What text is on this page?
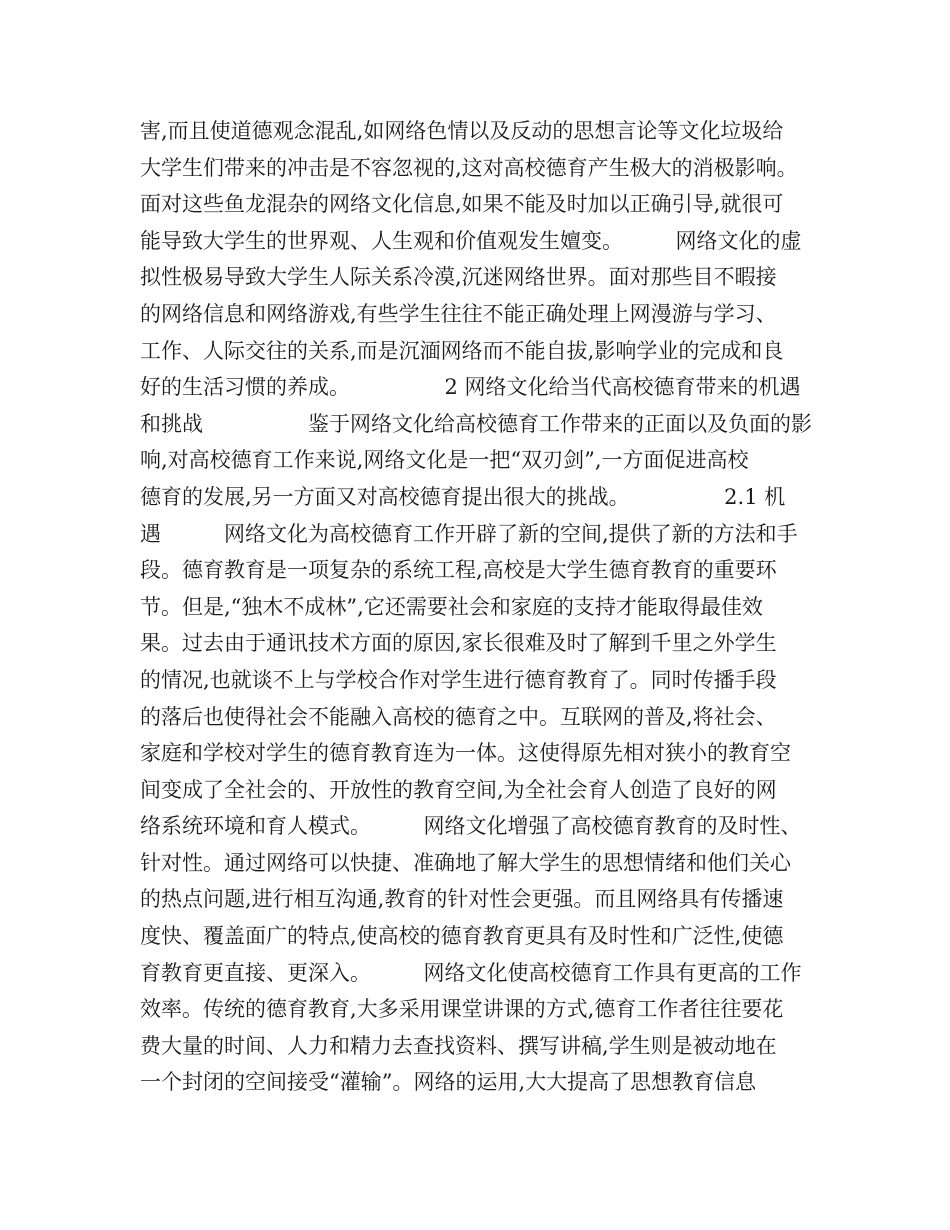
害,而且使道德观念混乱,如网络色情以及反动的思想言论等文化垃圾给
大学生们带来的冲击是不容忽视的,这对高校德育产生极大的消极影响。
面对这些鱼龙混杂的网络文化信息,如果不能及时加以正确引导,就很可
能导致大学生的世界观、人生观和价值观发生嬗变。　　　网络文化的虚
拟性极易导致大学生人际关系冷漠,沉迷网络世界。面对那些目不暇接
的网络信息和网络游戏,有些学生往往不能正确处理上网漫游与学习、
工作、人际交往的关系,而是沉湎网络而不能自拔,影响学业的完成和良
好的生活习惯的养成。　　　　　2 网络文化给当代高校德育带来的机遇
和挑战　　　　　鉴于网络文化给高校德育工作带来的正面以及负面的影
响,对高校德育工作来说,网络文化是一把“双刃剑”,一方面促进高校
德育的发展,另一方面又对高校德育提出很大的挑战。　　　　　2.1 机
遇　　　网络文化为高校德育工作开辟了新的空间,提供了新的方法和手
段。德育教育是一项复杂的系统工程,高校是大学生德育教育的重要环
节。但是,“独木不成林”,它还需要社会和家庭的支持才能取得最佳效
果。过去由于通讯技术方面的原因,家长很难及时了解到千里之外学生
的情况,也就谈不上与学校合作对学生进行德育教育了。同时传播手段
的落后也使得社会不能融入高校的德育之中。互联网的普及,将社会、
家庭和学校对学生的德育教育连为一体。这使得原先相对狭小的教育空
间变成了全社会的、开放性的教育空间,为全社会育人创造了良好的网
络系统环境和育人模式。　　　网络文化增强了高校德育教育的及时性、
针对性。通过网络可以快捷、准确地了解大学生的思想情绪和他们关心
的热点问题,进行相互沟通,教育的针对性会更强。而且网络具有传播速
度快、覆盖面广的特点,使高校的德育教育更具有及时性和广泛性,使德
育教育更直接、更深入。　　　网络文化使高校德育工作具有更高的工作
效率。传统的德育教育,大多采用课堂讲课的方式,德育工作者往往要花
费大量的时间、人力和精力去查找资料、撰写讲稿,学生则是被动地在
一个封闭的空间接受“灌输”。网络的运用,大大提高了思想教育信息
